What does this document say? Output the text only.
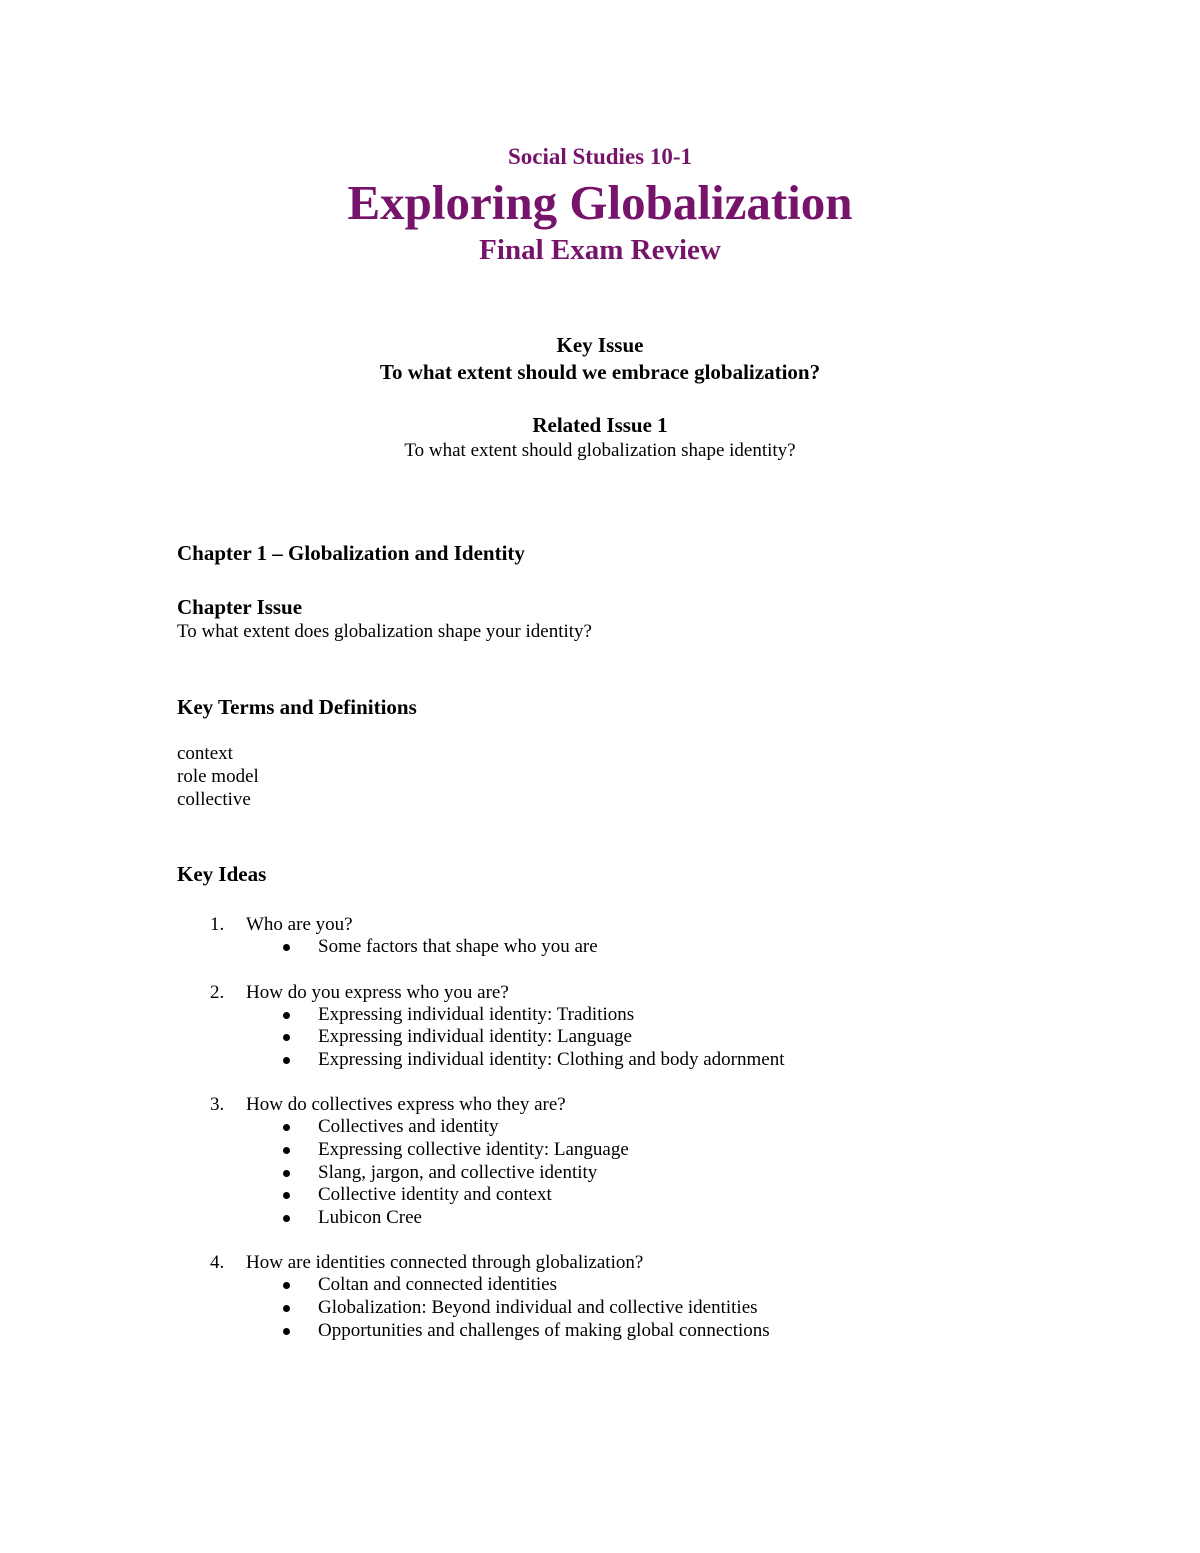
Social Studies 10-1
Exploring Globalization
Final Exam Review
Key Issue
To what extent should we embrace globalization?
Related Issue 1
To what extent should globalization shape identity?
Chapter 1 – Globalization and Identity
Chapter Issue
To what extent does globalization shape your identity?
Key Terms and Definitions
context
role model
collective
Key Ideas
1. Who are you?
Some factors that shape who you are
2. How do you express who you are?
Expressing individual identity: Traditions
Expressing individual identity: Language
Expressing individual identity: Clothing and body adornment
3. How do collectives express who they are?
Collectives and identity
Expressing collective identity: Language
Slang, jargon, and collective identity
Collective identity and context
Lubicon Cree
4. How are identities connected through globalization?
Coltan and connected identities
Globalization: Beyond individual and collective identities
Opportunities and challenges of making global connections
